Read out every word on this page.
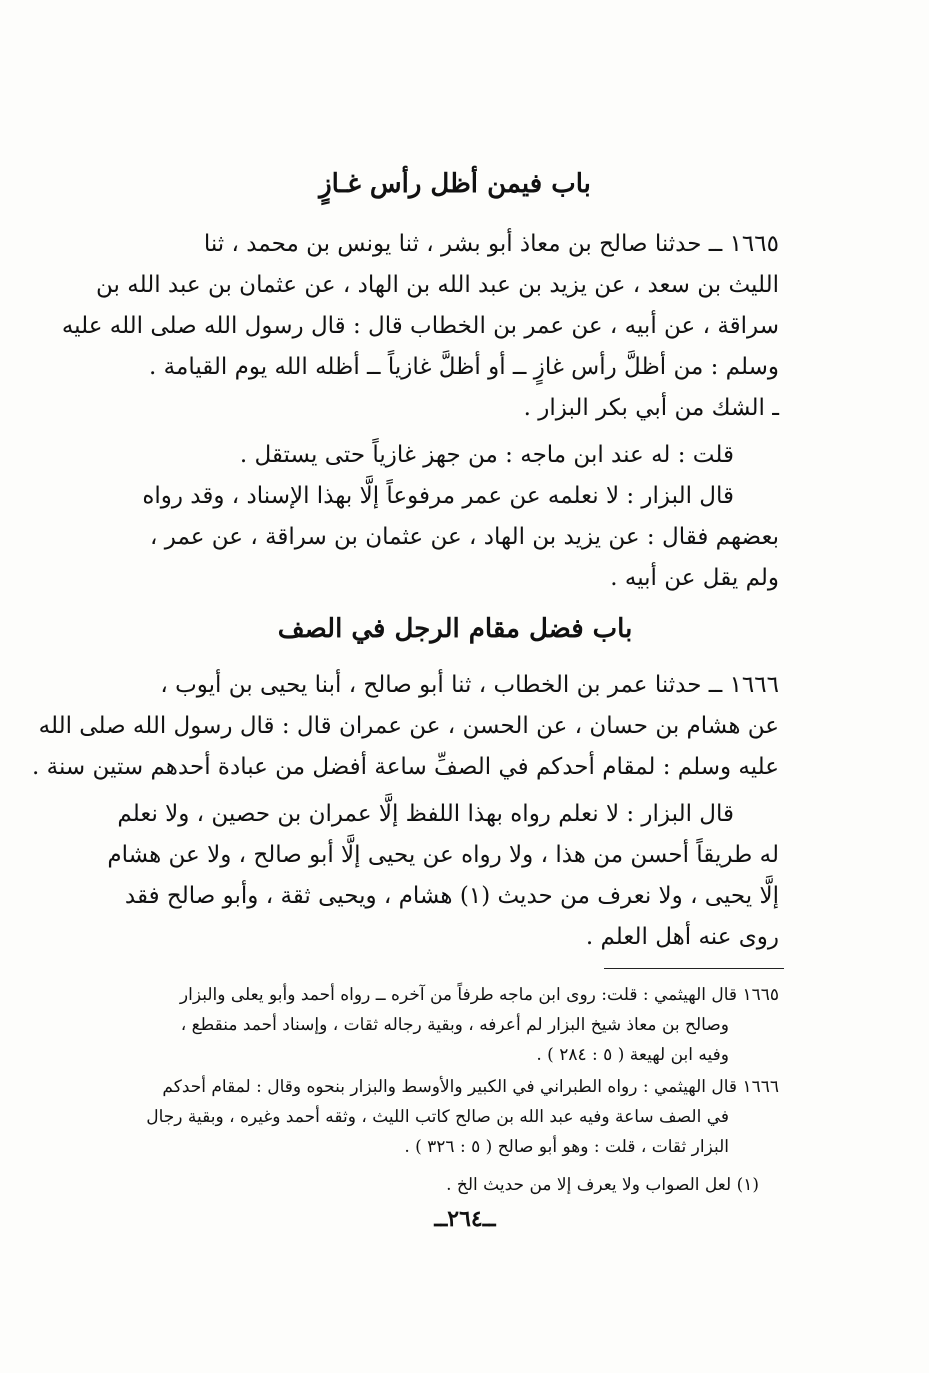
باب فيمن أظل رأس غـازٍ
١٦٦٥ ــ حدثنا صالح بن معاذ أبو بشر ، ثنا يونس بن محمد ، ثنا
الليث بن سعد ، عن يزيد بن عبد الله بن الهاد ، عن عثمان بن عبد الله بن
سراقة ، عن أبيه ، عن عمر بن الخطاب قال : قال رسول الله صلى الله عليه
وسلم : من أظلَّ رأس غازٍ ــ أو أظلَّ غازياً ــ أظله الله يوم القيامة .
ـ الشك من أبي بكر البزار .
قلت : له عند ابن ماجه : من جهز غازياً حتى يستقل .
قال البزار : لا نعلمه عن عمر مرفوعاً إلَّا بهذا الإسناد ، وقد رواه
بعضهم فقال : عن يزيد بن الهاد ، عن عثمان بن سراقة ، عن عمر ،
ولم يقل عن أبيه .
باب فضل مقام الرجل في الصف
١٦٦٦ ــ حدثنا عمر بن الخطاب ، ثنا أبو صالح ، أبنا يحيى بن أيوب ،
عن هشام بن حسان ، عن الحسن ، عن عمران قال : قال رسول الله صلى الله
عليه وسلم : لمقام أحدكم في الصفِّ ساعة أفضل من عبادة أحدهم ستين سنة .
قال البزار : لا نعلم رواه بهذا اللفظ إلَّا عمران بن حصين ، ولا نعلم
له طريقاً أحسن من هذا ، ولا رواه عن يحيى إلَّا أبو صالح ، ولا عن هشام
إلَّا يحيى ، ولا نعرف من حديث (١) هشام ، ويحيى ثقة ، وأبو صالح فقد
روى عنه أهل العلم .
١٦٦٥ قال الهيثمي : قلت: روى ابن ماجه طرفاً من آخره ــ رواه أحمد وأبو يعلى والبزار
وصالح بن معاذ شيخ البزار لم أعرفه ، وبقية رجاله ثقات ، وإسناد أحمد منقطع ،
وفيه ابن لهيعة ( ٥ : ٢٨٤ ) .
١٦٦٦ قال الهيثمي : رواه الطبراني في الكبير والأوسط والبزار بنحوه وقال : لمقام أحدكم
في الصف ساعة وفيه عبد الله بن صالح كاتب الليث ، وثقه أحمد وغيره ، وبقية رجال
البزار ثقات ، قلت : وهو أبو صالح ( ٥ : ٣٢٦ ) .
(١) لعل الصواب ولا يعرف إلا من حديث الخ .
ــ٢٦٤ــ
